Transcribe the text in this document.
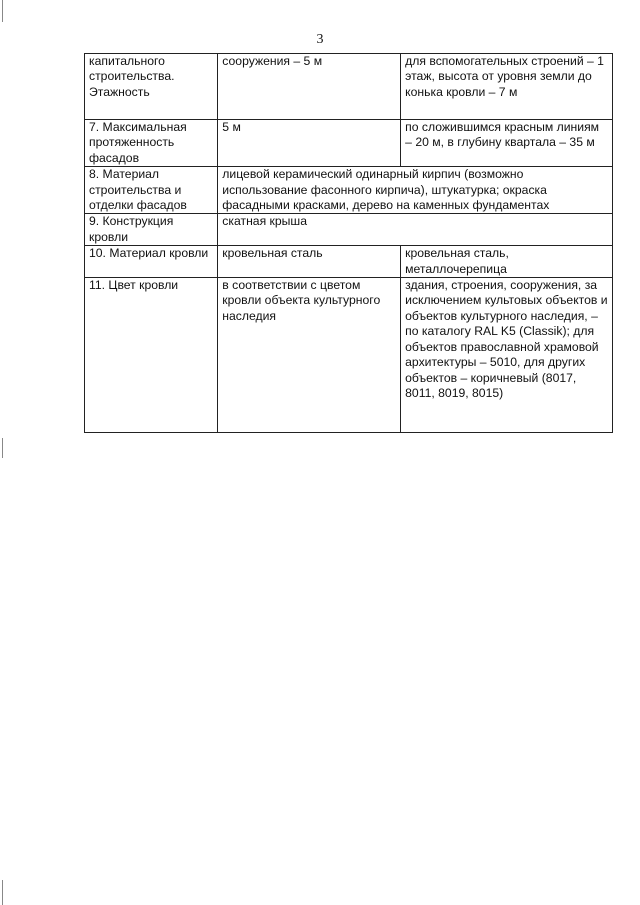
3
капитального строительства. Этажность	сооружения – 5 м	для вспомогательных строений – 1 этаж, высота от уровня земли до конька кровли – 7 м
7. Максимальная протяженность фасадов	5 м	по сложившимся красным линиям – 20 м, в глубину квартала – 35 м
8. Материал строительства и отделки фасадов	лицевой керамический одинарный кирпич (возможно использование фасонного кирпича), штукатурка; окраска фасадными красками, дерево на каменных фундаментах	
9. Конструкция кровли	скатная крыша	
10. Материал кровли	кровельная сталь	кровельная сталь, металлочерепица
11. Цвет кровли	в соответствии с цветом кровли объекта культурного наследия	здания, строения, сооружения, за исключением культовых объектов и объектов культурного наследия, – по каталогу RAL K5 (Classik); для объектов православной храмовой архитектуры – 5010, для других объектов – коричневый (8017, 8011, 8019, 8015)
